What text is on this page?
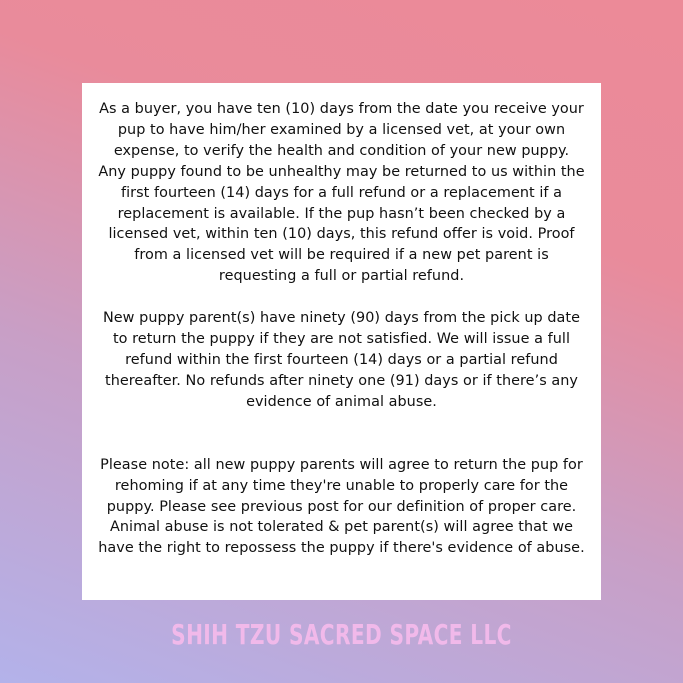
As a buyer, you have ten (10) days from the date you receive your pup to have him/her examined by a licensed vet, at your own expense, to verify the health and condition of your new puppy. Any puppy found to be unhealthy may be returned to us within the first fourteen (14) days for a full refund or a replacement if a replacement is available. If the pup hasn’t been checked by a licensed vet, within ten (10) days, this refund offer is void. Proof from a licensed vet will be required if a new pet parent is requesting a full or partial refund.

New puppy parent(s) have ninety (90) days from the pick up date to return the puppy if they are not satisfied. We will issue a full refund within the first fourteen (14) days or a partial refund thereafter. No refunds after ninety one (91) days or if there’s any evidence of animal abuse.

Please note: all new puppy parents will agree to return the pup for rehoming if at any time they're unable to properly care for the puppy. Please see previous post for our definition of proper care. Animal abuse is not tolerated & pet parent(s) will agree that we have the right to repossess the puppy if there's evidence of abuse.

SHIH TZU SACRED SPACE LLC
